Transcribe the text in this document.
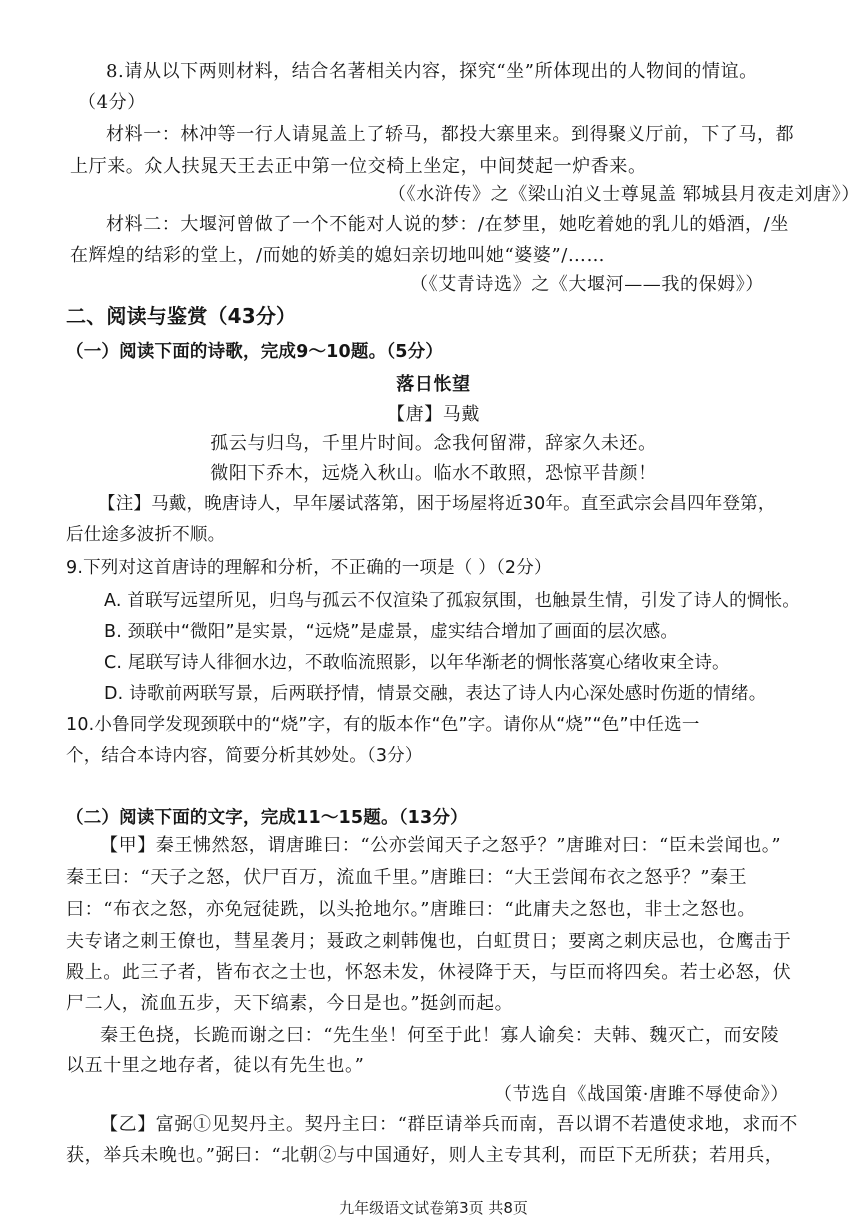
8.请从以下两则材料，结合名著相关内容，探究“坐”所体现出的人物间的情谊。
（4分）
材料一：林冲等一行人请晁盖上了轿马，都投大寨里来。到得聚义厅前，下了马，都
上厅来。众人扶晁天王去正中第一位交椅上坐定，中间焚起一炉香来。
（《水浒传》之《梁山泊义士尊晁盖 郓城县月夜走刘唐》）
材料二：大堰河曾做了一个不能对人说的梦：/在梦里，她吃着她的乳儿的婚酒，/坐
在辉煌的结彩的堂上，/而她的娇美的媳妇亲切地叫她“婆婆”/……
（《艾青诗选》之《大堰河——我的保姆》）
二、阅读与鉴赏（43分）
（一）阅读下面的诗歌，完成9～10题。（5分）
落日怅望
【唐】马戴
孤云与归鸟，千里片时间。念我何留滞，辞家久未还。
微阳下乔木，远烧入秋山。临水不敢照，恐惊平昔颜！
【注】马戴，晚唐诗人，早年屡试落第，困于场屋将近30年。直至武宗会昌四年登第，
后仕途多波折不顺。
9.下列对这首唐诗的理解和分析，不正确的一项是（ ）（2分）
A. 首联写远望所见，归鸟与孤云不仅渲染了孤寂氛围，也触景生情，引发了诗人的惆怅。
B. 颈联中“微阳”是实景，“远烧”是虚景，虚实结合增加了画面的层次感。
C. 尾联写诗人徘徊水边，不敢临流照影，以年华渐老的惆怅落寞心绪收束全诗。
D. 诗歌前两联写景，后两联抒情，情景交融，表达了诗人内心深处感时伤逝的情绪。
10.小鲁同学发现颈联中的“烧”字，有的版本作“色”字。请你从“烧”“色”中任选一
个，结合本诗内容，简要分析其妙处。（3分）
（二）阅读下面的文字，完成11～15题。（13分）
【甲】秦王怫然怒，谓唐雎曰：“公亦尝闻天子之怒乎？”唐雎对曰：“臣未尝闻也。”
秦王曰：“天子之怒，伏尸百万，流血千里。”唐雎曰：“大王尝闻布衣之怒乎？”秦王
曰：“布衣之怒，亦免冠徒跣，以头抢地尔。”唐雎曰：“此庸夫之怒也，非士之怒也。
夫专诸之刺王僚也，彗星袭月；聂政之刺韩傀也，白虹贯日；要离之刺庆忌也，仓鹰击于
殿上。此三子者，皆布衣之士也，怀怒未发，休祲降于天，与臣而将四矣。若士必怒，伏
尸二人，流血五步，天下缟素，今日是也。”挺剑而起。
秦王色挠，长跪而谢之曰：“先生坐！何至于此！寡人谕矣：夫韩、魏灭亡，而安陵
以五十里之地存者，徒以有先生也。”
（节选自《战国策·唐雎不辱使命》）
【乙】富弼①见契丹主。契丹主曰：“群臣请举兵而南，吾以谓不若遣使求地，求而不
获，举兵未晚也。”弼曰：“北朝②与中国通好，则人主专其利，而臣下无所获；若用兵，
九年级语文试卷第3页 共8页
